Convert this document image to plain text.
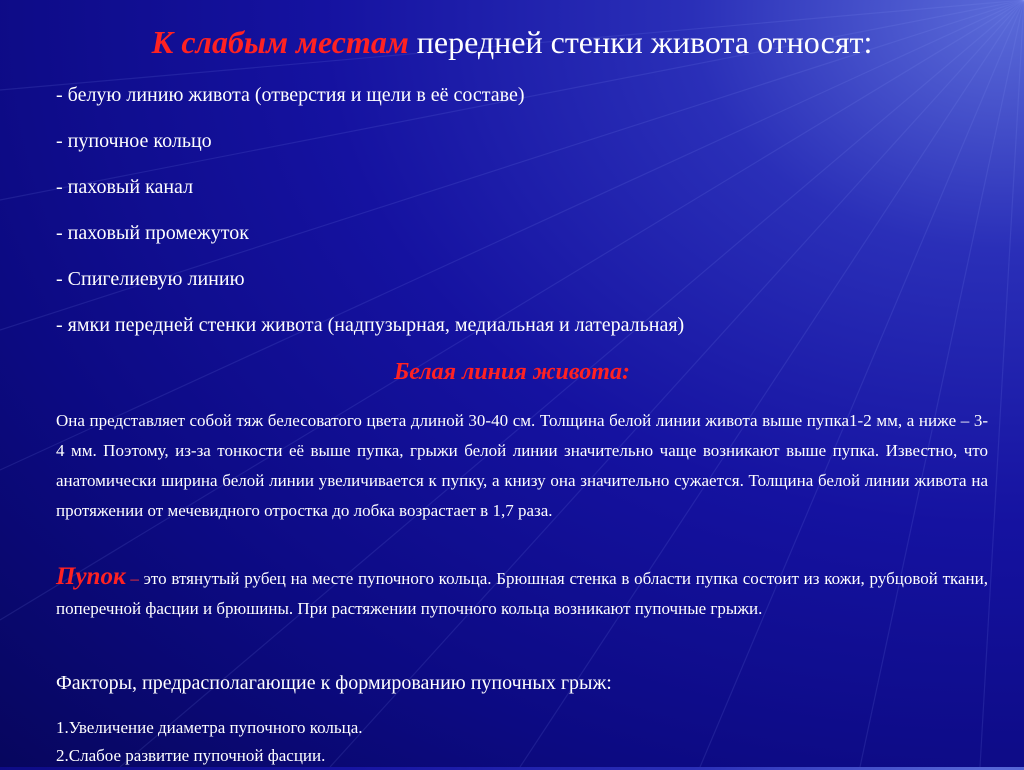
К слабым местам передней стенки живота относят:
- белую линию живота (отверстия и щели в её составе)
- пупочное кольцо
- паховый канал
- паховый промежуток
- Спигелиевую линию
- ямки передней стенки живота (надпузырная, медиальная и латеральная)
Белая линия живота:

Она представляет собой тяж белесоватого цвета длиной 30-40 см. Толщина белой линии живота выше пупка1-2 мм, а ниже – 3-4 мм. Поэтому, из-за тонкости её выше пупка, грыжи белой линии значительно чаще возникают выше пупка. Известно, что анатомически ширина белой линии увеличивается к пупку, а книзу она значительно сужается. Толщина белой линии живота на протяжении от мечевидного отростка до лобка возрастает в 1,7 раза.

Пупок – это втянутый рубец на месте пупочного кольца. Брюшная стенка в области пупка состоит из кожи, рубцовой ткани, поперечной фасции и брюшины. При растяжении пупочного кольца возникают пупочные грыжи.

Факторы, предрасполагающие к формированию пупочных грыж:

1.Увеличение диаметра пупочного кольца.
2.Слабое развитие пупочной фасции.
